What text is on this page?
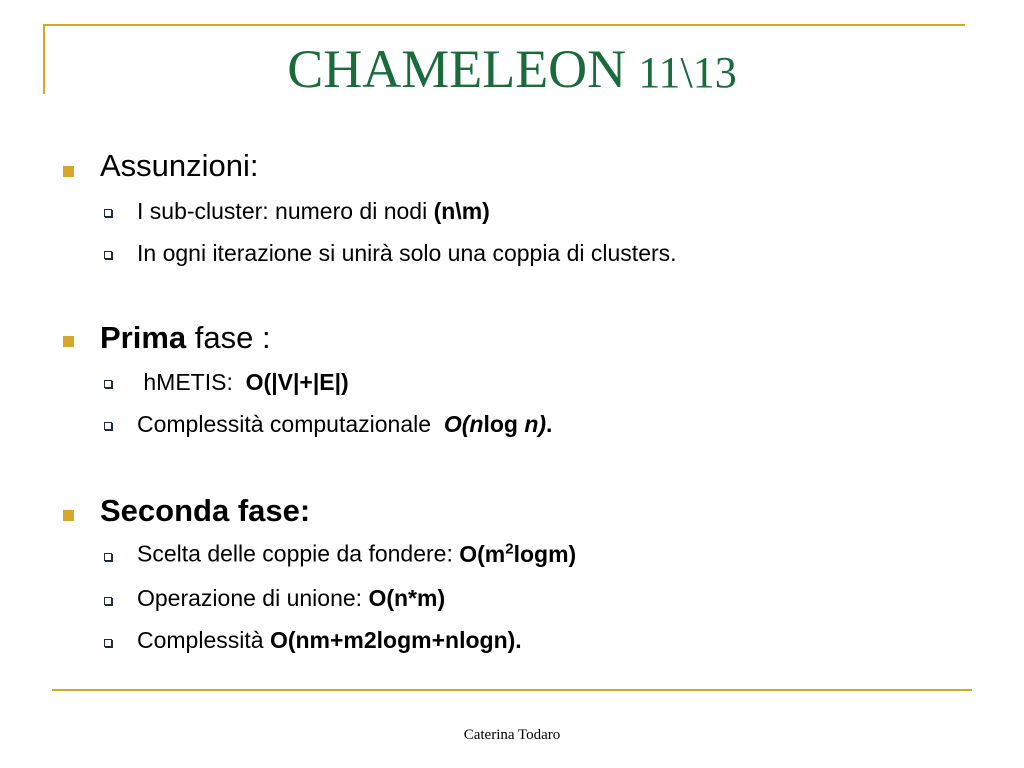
CHAMELEON 11\13
Assunzioni:
I sub-cluster: numero di nodi (n\m)
In ogni iterazione si unirà solo una coppia di clusters.
Prima fase :
hMETIS:  O(|V|+|E|)
Complessità computazionale  O(nlog n).
Seconda fase:
Scelta delle coppie da fondere: $O(m^2\log m)$
Operazione di unione: O(n*m)
Complessità O(nm+m2logm+nlogn).
Caterina Todaro
